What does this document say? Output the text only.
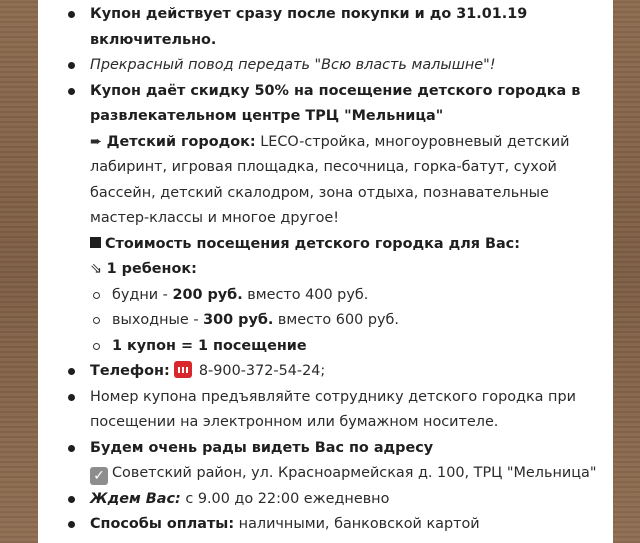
Купон действует сразу после покупки и до 31.01.19 включительно.
Прекрасный повод передать "Всю власть малышне"!
Купон даёт скидку 50% на посещение детского городка в развлекательном центре ТРЦ "Мельница"
➨ Детский городок: LECO-стройка, многоуровневый детский лабиринт, игровая площадка, песочница, горка-батут, сухой бассейн, детский скалодром, зона отдыха, познавательные мастер-классы и многое другое!
Стоимость посещения детского городка для Вас:
⇘ 1 ребенок:
будни - 200 руб. вместо 400 руб.
выходные - 300 руб. вместо 600 руб.
1 купон = 1 посещение
Телефон: 8-900-372-54-24;
Номер купона предъявляйте сотруднику детского городка при посещении на электронном или бумажном носителе.
Будем очень рады видеть Вас по адресу
✓ Советский район, ул. Красноармейская д. 100, ТРЦ "Мельница"
Ждем Вас: с 9.00 до 22:00 ежедневно
Способы оплаты: наличными, банковской картой
